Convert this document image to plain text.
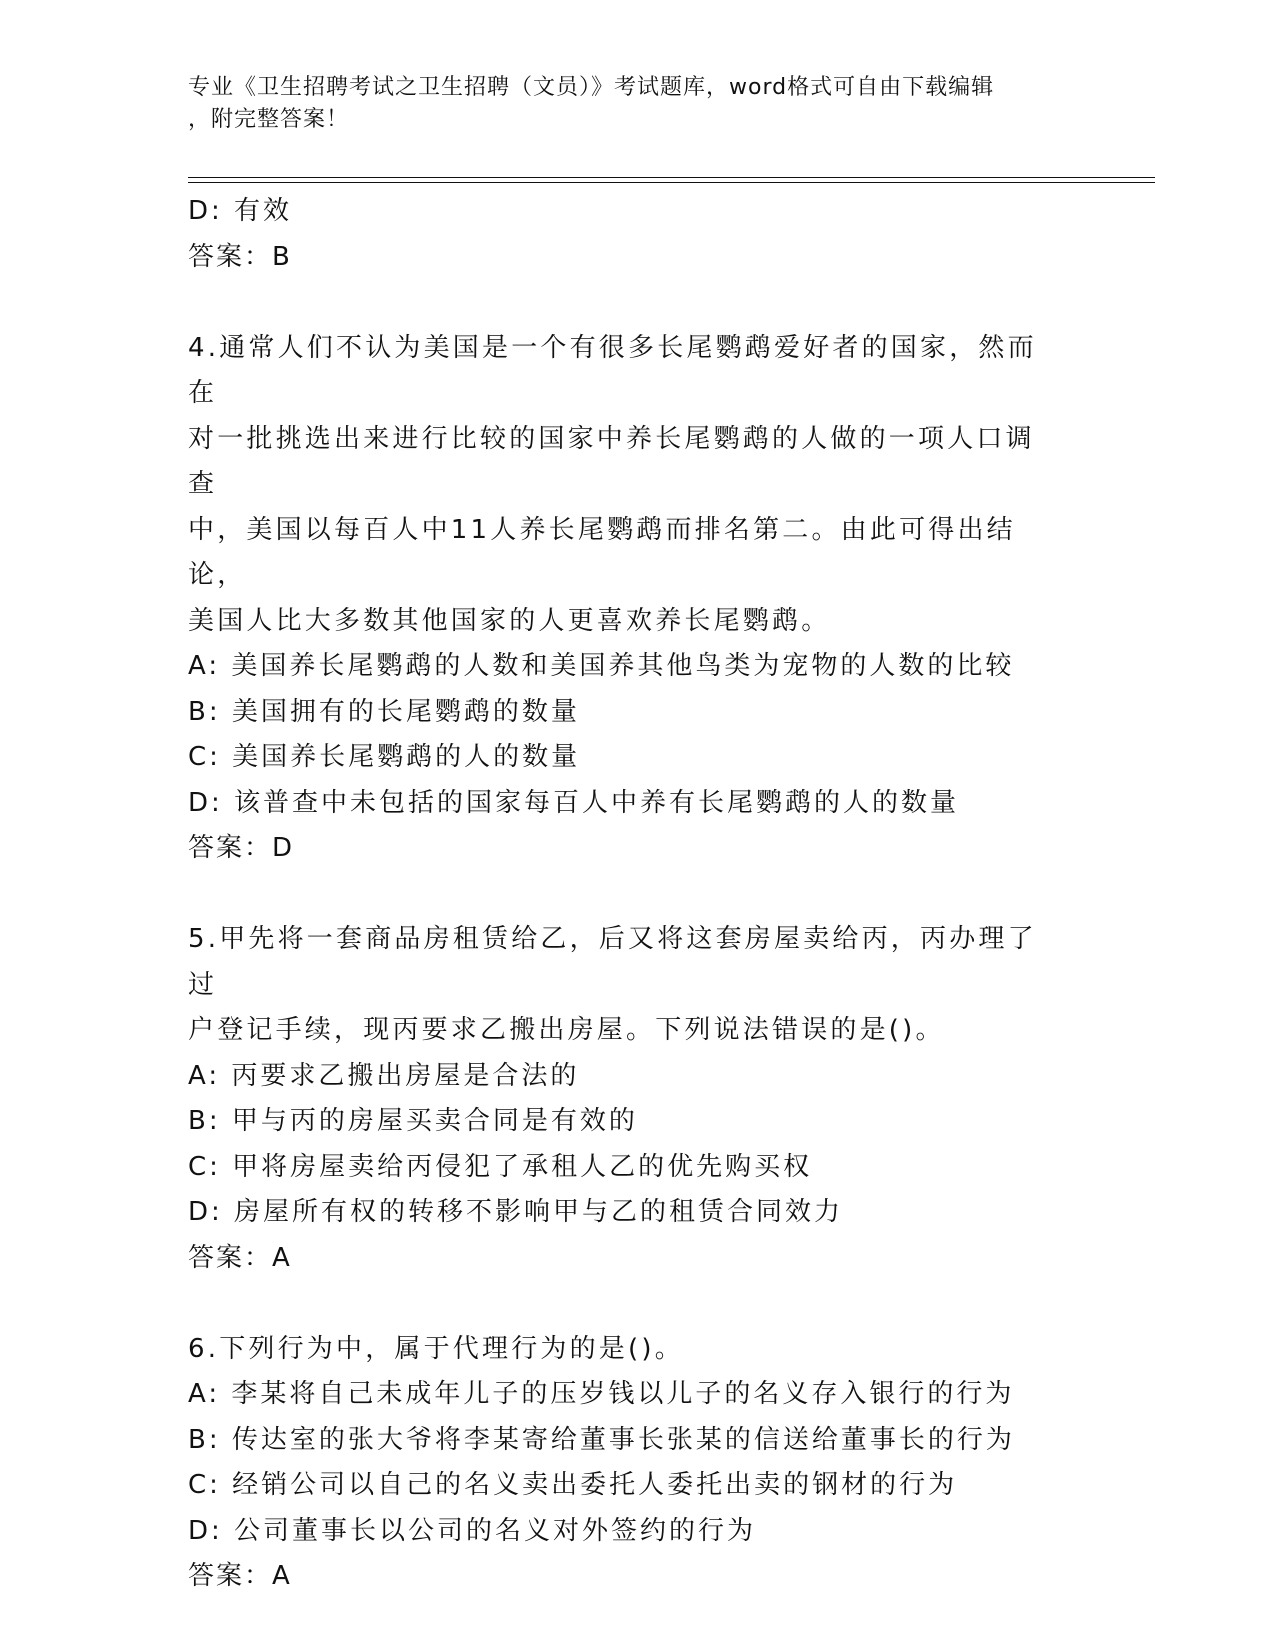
专业《卫生招聘考试之卫生招聘（文员）》考试题库，word格式可自由下载编辑
，附完整答案！
D: 有效
答案：B
4.通常人们不认为美国是一个有很多长尾鹦鹉爱好者的国家，然而在
对一批挑选出来进行比较的国家中养长尾鹦鹉的人做的一项人口调查
中，美国以每百人中11人养长尾鹦鹉而排名第二。由此可得出结论，
美国人比大多数其他国家的人更喜欢养长尾鹦鹉。
A: 美国养长尾鹦鹉的人数和美国养其他鸟类为宠物的人数的比较
B: 美国拥有的长尾鹦鹉的数量
C: 美国养长尾鹦鹉的人的数量
D: 该普查中未包括的国家每百人中养有长尾鹦鹉的人的数量
答案：D
5.甲先将一套商品房租赁给乙，后又将这套房屋卖给丙，丙办理了过
户登记手续，现丙要求乙搬出房屋。下列说法错误的是()。
A: 丙要求乙搬出房屋是合法的
B: 甲与丙的房屋买卖合同是有效的
C: 甲将房屋卖给丙侵犯了承租人乙的优先购买权
D: 房屋所有权的转移不影响甲与乙的租赁合同效力
答案：A
6.下列行为中，属于代理行为的是()。
A: 李某将自己未成年儿子的压岁钱以儿子的名义存入银行的行为
B: 传达室的张大爷将李某寄给董事长张某的信送给董事长的行为
C: 经销公司以自己的名义卖出委托人委托出卖的钢材的行为
D: 公司董事长以公司的名义对外签约的行为
答案：A
